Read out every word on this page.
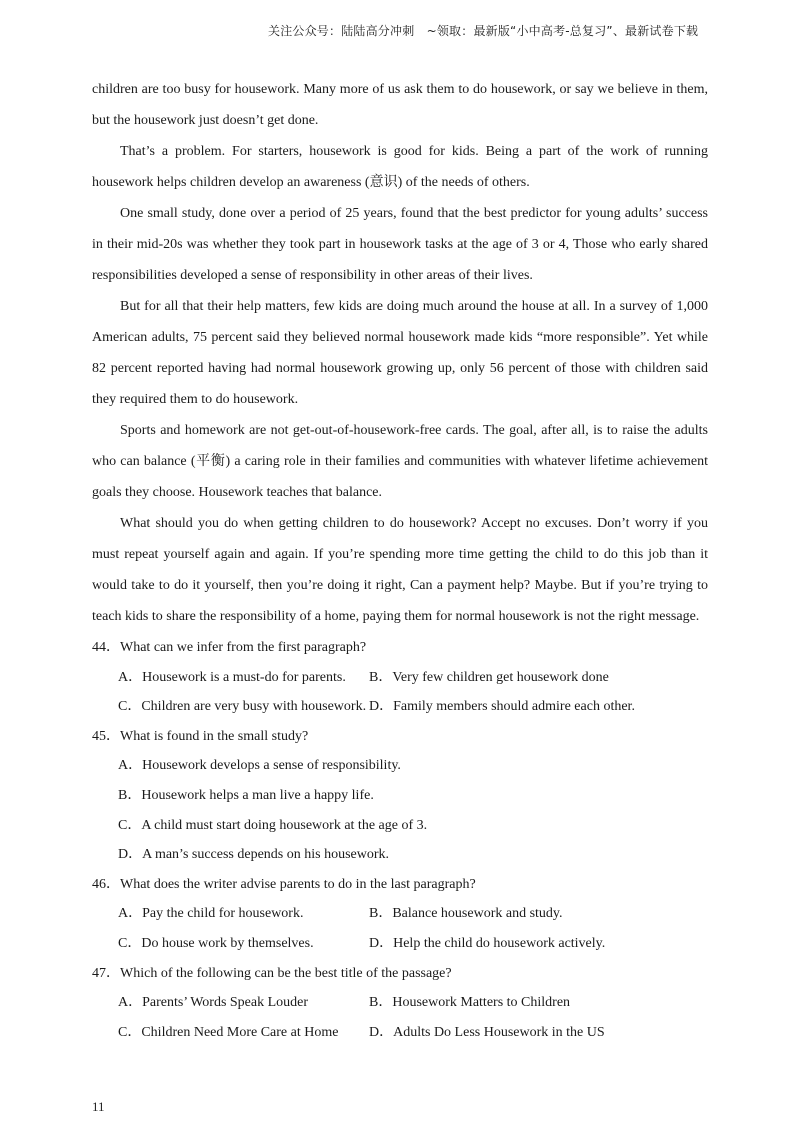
关注公众号：陆陆高分冲刺　~领取：最新版“小中高考-总复习”、最新试卷下载

children are too busy for housework. Many more of us ask them to do housework, or say we believe in them, but the housework just doesn’t get done.

That’s a problem. For starters, housework is good for kids. Being a part of the work of running housework helps children develop an awareness (意识) of the needs of others.

One small study, done over a period of 25 years, found that the best predictor for young adults’ success in their mid-20s was whether they took part in housework tasks at the age of 3 or 4, Those who early shared responsibilities developed a sense of responsibility in other areas of their lives.

But for all that their help matters, few kids are doing much around the house at all. In a survey of 1,000 American adults, 75 percent said they believed normal housework made kids “more responsible”. Yet while 82 percent reported having had normal housework growing up, only 56 percent of those with children said they required them to do housework.

Sports and homework are not get-out-of-housework-free cards. The goal, after all, is to raise the adults who can balance (平衡) a caring role in their families and communities with whatever lifetime achievement goals they choose. Housework teaches that balance.

What should you do when getting children to do housework? Accept no excuses. Don’t worry if you must repeat yourself again and again. If you’re spending more time getting the child to do this job than it would take to do it yourself, then you’re doing it right, Can a payment help? Maybe. But if you’re trying to teach kids to share the responsibility of a home, paying them for normal housework is not the right message.

44．What can we infer from the first paragraph?

A．Housework is a must-do for parents.	B．Very few children get housework done
C．Children are very busy with housework. D．Family members should admire each other.

45．What is found in the small study?

A．Housework develops a sense of responsibility.
B．Housework helps a man live a happy life.
C．A child must start doing housework at the age of 3.
D．A man’s success depends on his housework.

46．What does the writer advise parents to do in the last paragraph?

A．Pay the child for housework.	B．Balance housework and study.
C．Do house work by themselves.	D．Help the child do housework actively.

47．Which of the following can be the best title of the passage?

A．Parents’ Words Speak Louder	B．Housework Matters to Children
C．Children Need More Care at Home	D．Adults Do Less Housework in the US
11
